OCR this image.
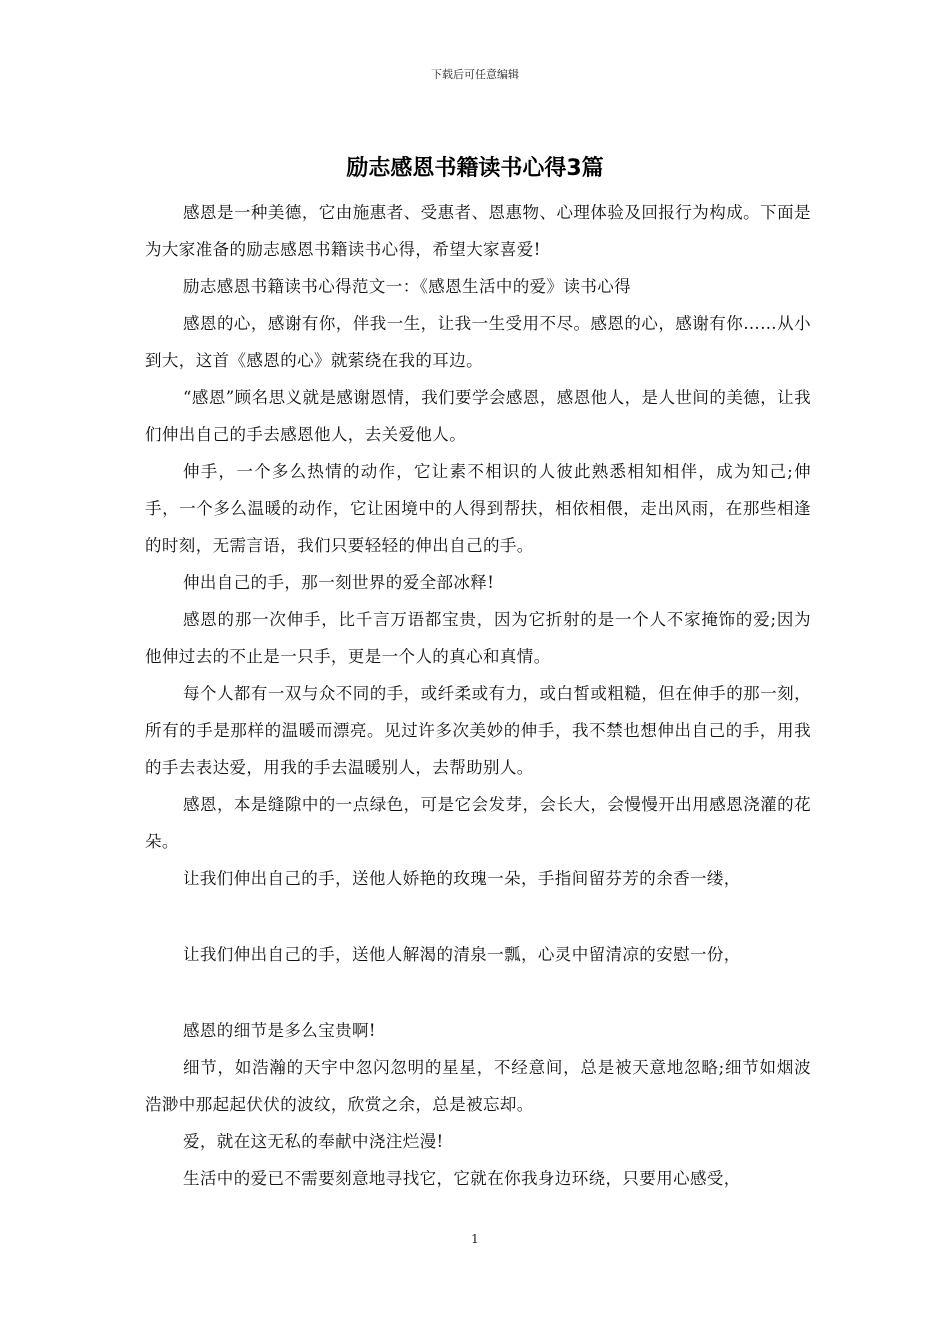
下载后可任意编辑

励志感恩书籍读书心得3篇

感恩是一种美德，它由施惠者、受惠者、恩惠物、心理体验及回报行为构成。下面是为大家准备的励志感恩书籍读书心得，希望大家喜爱!

励志感恩书籍读书心得范文一：《感恩生活中的爱》读书心得

感恩的心，感谢有你，伴我一生，让我一生受用不尽。感恩的心，感谢有你……从小到大，这首《感恩的心》就萦绕在我的耳边。

“感恩”顾名思义就是感谢恩情，我们要学会感恩，感恩他人，是人世间的美德，让我们伸出自己的手去感恩他人，去关爱他人。

伸手，一个多么热情的动作，它让素不相识的人彼此熟悉相知相伴，成为知己;伸手，一个多么温暖的动作，它让困境中的人得到帮扶，相依相偎，走出风雨，在那些相逢的时刻，无需言语，我们只要轻轻的伸出自己的手。

伸出自己的手，那一刻世界的爱全部冰释!

感恩的那一次伸手，比千言万语都宝贵，因为它折射的是一个人不家掩饰的爱;因为他伸过去的不止是一只手，更是一个人的真心和真情。

每个人都有一双与众不同的手，或纤柔或有力，或白皙或粗糙，但在伸手的那一刻，所有的手是那样的温暖而漂亮。见过许多次美妙的伸手，我不禁也想伸出自己的手，用我的手去表达爱，用我的手去温暖别人，去帮助别人。

感恩，本是缝隙中的一点绿色，可是它会发芽，会长大，会慢慢开出用感恩浇灌的花朵。

让我们伸出自己的手，送他人娇艳的玫瑰一朵，手指间留芬芳的余香一缕，

让我们伸出自己的手，送他人解渴的清泉一瓢，心灵中留清凉的安慰一份，

感恩的细节是多么宝贵啊!

细节，如浩瀚的天宇中忽闪忽明的星星，不经意间，总是被天意地忽略;细节如烟波浩渺中那起起伏伏的波纹，欣赏之余，总是被忘却。

爱，就在这无私的奉献中浇注烂漫!

生活中的爱已不需要刻意地寻找它，它就在你我身边环绕，只要用心感受，

1
